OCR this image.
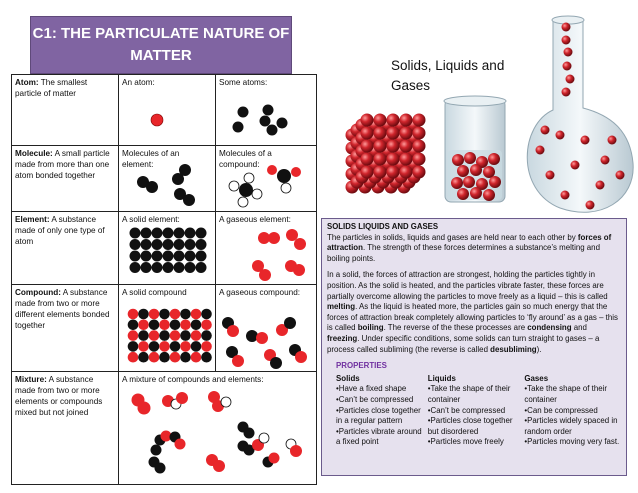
C1: THE PARTICULATE NATURE OF
MATTER
Atom: The smallest particle of matter	An atom:	Some atoms:
Molecule: A small particle made from more than one atom bonded together	Molecules of an element:	Molecules of a compound:
Element: A substance made of only one type of atom	A solid element:	A gaseous element:
Compound: A substance made from two or more different elements bonded together	A solid compound	A gaseous compound:
Mixture: A substance made from two or more elements or compounds mixed but not joined	A mixture of compounds and elements:	
Solids, Liquids and
Gases
SOLIDS LIQUIDS AND GASES

The particles in solids, liquids and gases are held near to each other by forces of attraction. The strength of these forces determines a substance’s melting and boiling points.

In a solid, the forces of attraction are strongest, holding the particles tightly in position. As the solid is heated, and the particles vibrate faster, these forces are partially overcome allowing the particles to move freely as a liquid – this is called melting. As the liquid is heated more, the particles gain so much energy that the forces of attraction break completely allowing particles to ‘fly around’ as a gas – this is called boiling. The reverse of the these processes are condensing and freezing. Under specific conditions, some solids can turn straight to gases – a process called subliming (the reverse is called desubliming).

PROPERTIES
Solids
•Have a fixed shape
•Can’t be compressed
•Particles close together in a regular pattern
•Particles vibrate around a fixed point
Liquids
•Take the shape of their container
•Can’t be compressed
•Particles close together but disordered
•Particles move freely
Gases
•Take the shape of their container
•Can be compressed
•Particles widely spaced in random order
•Particles moving very fast.
